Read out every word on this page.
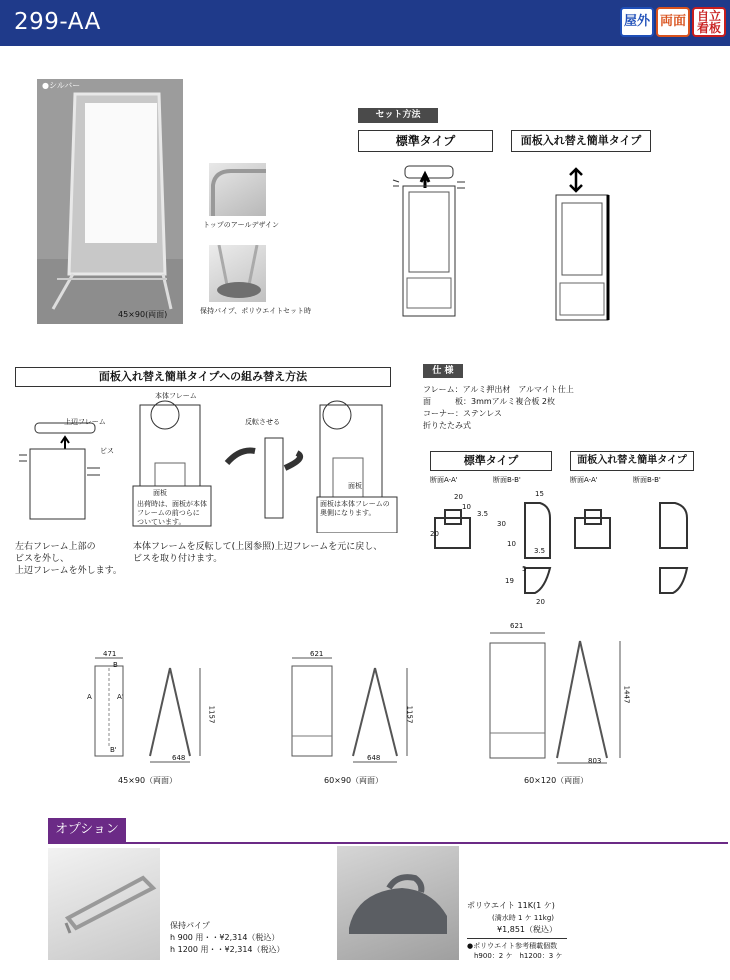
299-AA	屋外 両面 自立
看板
●シルバー
45×90(両面)
トップのアールデザイン
保持パイプ、ポリウエイトセット時
セット方法
標準タイプ	面板入れ替え簡単タイプ
面板入れ替え簡単タイプへの組み替え方法
上辺フレーム
ビス
本体フレーム
反転させる
面板
面板
出荷時は、面板が本体
フレームの前つらに
ついています。
面板は本体フレームの
奥側になります。
左右フレーム上部の
ビスを外し、
上辺フレームを外します。
本体フレームを反転して(上図参照)上辺フレームを元に戻し、
ビスを取り付けます。
仕 様
フレーム：アルミ押出材　アルマイト仕上
面　　　板：3mmアルミ複合板 2枚
コーナー：ステンレス
折りたたみ式
標準タイプ	面板入れ替え簡単タイプ
断面A-A'	断面B-B'	断面A-A'	断面B-B'
20
10
3.5
20
30
15
10
3.5
19
5
20
471
B
A	A'
B'
648
1157
45×90（両面）
621
648
1157
60×90（両面）
621
803
1447
60×120（両面）
オプション
保持パイプ
h 900 用・・¥2,314（税込）
h 1200 用・・¥2,314（税込）
ポリウエイト 11K(1 ケ)
(満水時 1 ケ 11kg)
¥1,851（税込）
●ポリウエイト参考積載個数
h900：2 ケ　h1200：3 ケ
